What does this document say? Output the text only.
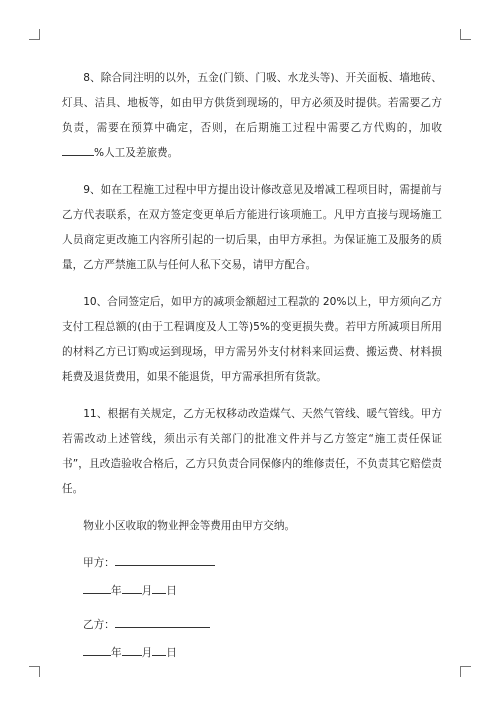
8、除合同注明的以外，五金(门锁、门吸、水龙头等)、开关面板、墙地砖、灯具、洁具、地板等，如由甲方供货到现场的，甲方必须及时提供。若需要乙方负责，需要在预算中确定，否则，在后期施工过程中需要乙方代购的，加收%人工及差旅费。

9、如在工程施工过程中甲方提出设计修改意见及增减工程项目时，需提前与乙方代表联系，在双方签定变更单后方能进行该项施工。凡甲方直接与现场施工人员商定更改施工内容所引起的一切后果，由甲方承担。为保证施工及服务的质量，乙方严禁施工队与任何人私下交易，请甲方配合。

10、合同签定后，如甲方的减项金额超过工程款的 20%以上，甲方须向乙方支付工程总额的(由于工程调度及人工等)5%的变更损失费。若甲方所减项目所用的材料乙方已订购或运到现场，甲方需另外支付材料来回运费、搬运费、材料损耗费及退货费用，如果不能退货，甲方需承担所有货款。

11、根据有关规定，乙方无权移动改造煤气、天然气管线、暖气管线。甲方若需改动上述管线，须出示有关部门的批准文件并与乙方签定“施工责任保证书”，且改造验收合格后，乙方只负责合同保修内的维修责任，不负责其它赔偿责任。

物业小区收取的物业押金等费用由甲方交纳。

甲方：

年 月 日

乙方：

年 月 日
